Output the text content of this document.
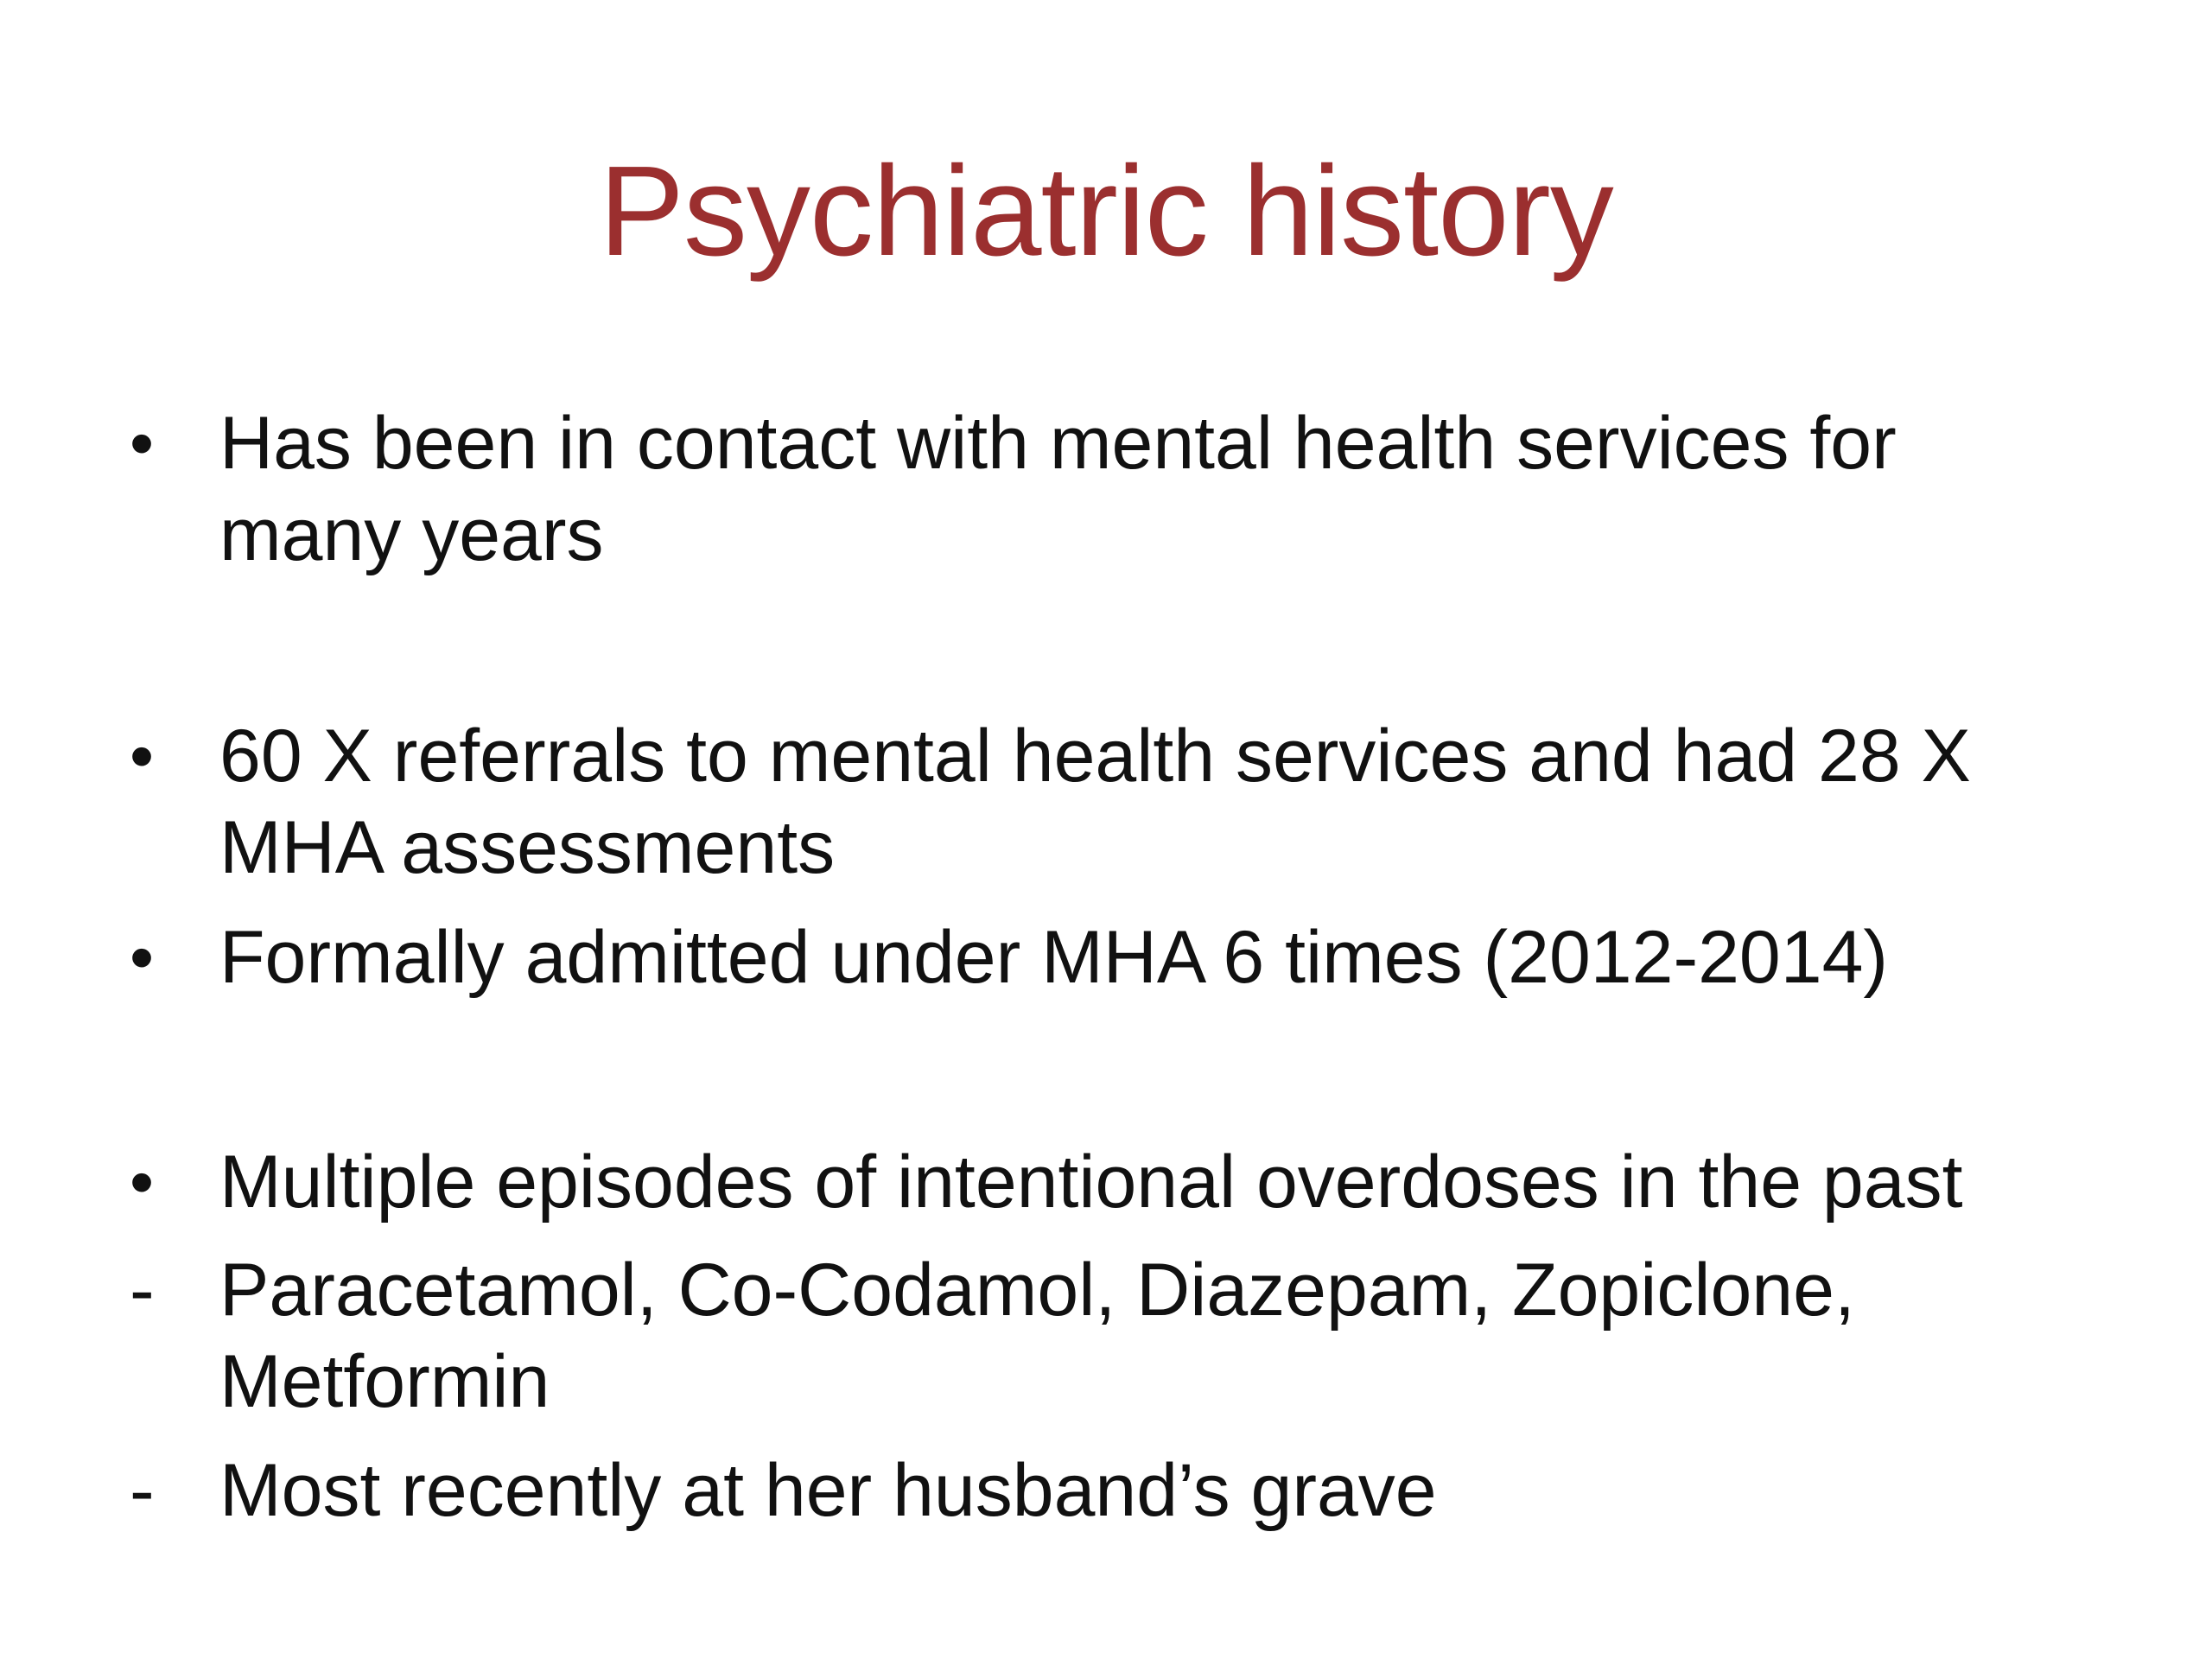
Psychiatric history
• Has been in contact with mental health services for
many years
• 60 X referrals to mental health services and had 28 X
MHA assessments
• Formally admitted under MHA 6 times (2012-2014)
• Multiple episodes of intentional overdoses in the past
- Paracetamol, Co-Codamol, Diazepam, Zopiclone,
Metformin
- Most recently at her husband’s grave
